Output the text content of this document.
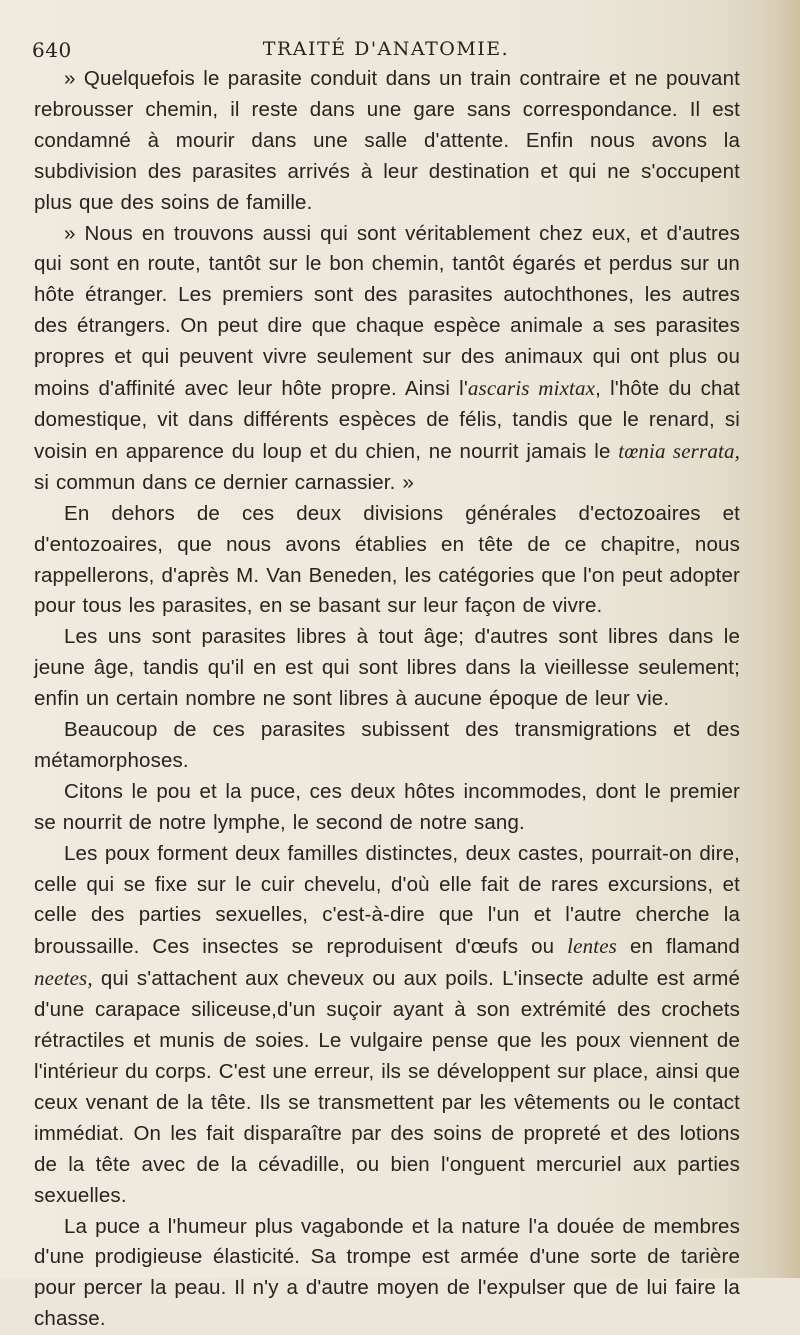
640	TRAITÉ D'ANATOMIE.

» Quelquefois le parasite conduit dans un train contraire et ne pouvant rebrousser chemin, il reste dans une gare sans correspondance. Il est condamné à mourir dans une salle d'attente. Enfin nous avons la subdivision des parasites arrivés à leur destination et qui ne s'occupent plus que des soins de famille.

» Nous en trouvons aussi qui sont véritablement chez eux, et d'autres qui sont en route, tantôt sur le bon chemin, tantôt égarés et perdus sur un hôte étranger. Les premiers sont des parasites autochthones, les autres des étrangers. On peut dire que chaque espèce animale a ses parasites propres et qui peuvent vivre seulement sur des animaux qui ont plus ou moins d'affinité avec leur hôte propre. Ainsi l'ascaris mixtax, l'hôte du chat domestique, vit dans différents espèces de félis, tandis que le renard, si voisin en apparence du loup et du chien, ne nourrit jamais le tœnia serrata, si commun dans ce dernier carnassier. »

En dehors de ces deux divisions générales d'ectozoaires et d'entozoaires, que nous avons établies en tête de ce chapitre, nous rappellerons, d'après M. Van Beneden, les catégories que l'on peut adopter pour tous les parasites, en se basant sur leur façon de vivre.

Les uns sont parasites libres à tout âge; d'autres sont libres dans le jeune âge, tandis qu'il en est qui sont libres dans la vieillesse seulement; enfin un certain nombre ne sont libres à aucune époque de leur vie.

Beaucoup de ces parasites subissent des transmigrations et des métamorphoses.

Citons le pou et la puce, ces deux hôtes incommodes, dont le premier se nourrit de notre lymphe, le second de notre sang.

Les poux forment deux familles distinctes, deux castes, pourrait-on dire, celle qui se fixe sur le cuir chevelu, d'où elle fait de rares excursions, et celle des parties sexuelles, c'est-à-dire que l'un et l'autre cherche la broussaille. Ces insectes se reproduisent d'œufs ou lentes en flamand neetes, qui s'attachent aux cheveux ou aux poils. L'insecte adulte est armé d'une carapace siliceuse,d'un suçoir ayant à son extrémité des crochets rétractiles et munis de soies. Le vulgaire pense que les poux viennent de l'intérieur du corps. C'est une erreur, ils se développent sur place, ainsi que ceux venant de la tête. Ils se transmettent par les vêtements ou le contact immédiat. On les fait disparaître par des soins de propreté et des lotions de la tête avec de la cévadille, ou bien l'onguent mercuriel aux parties sexuelles.

La puce a l'humeur plus vagabonde et la nature l'a douée de membres d'une prodigieuse élasticité. Sa trompe est armée d'une sorte de tarière pour percer la peau. Il n'y a d'autre moyen de l'expulser que de lui faire la chasse.
